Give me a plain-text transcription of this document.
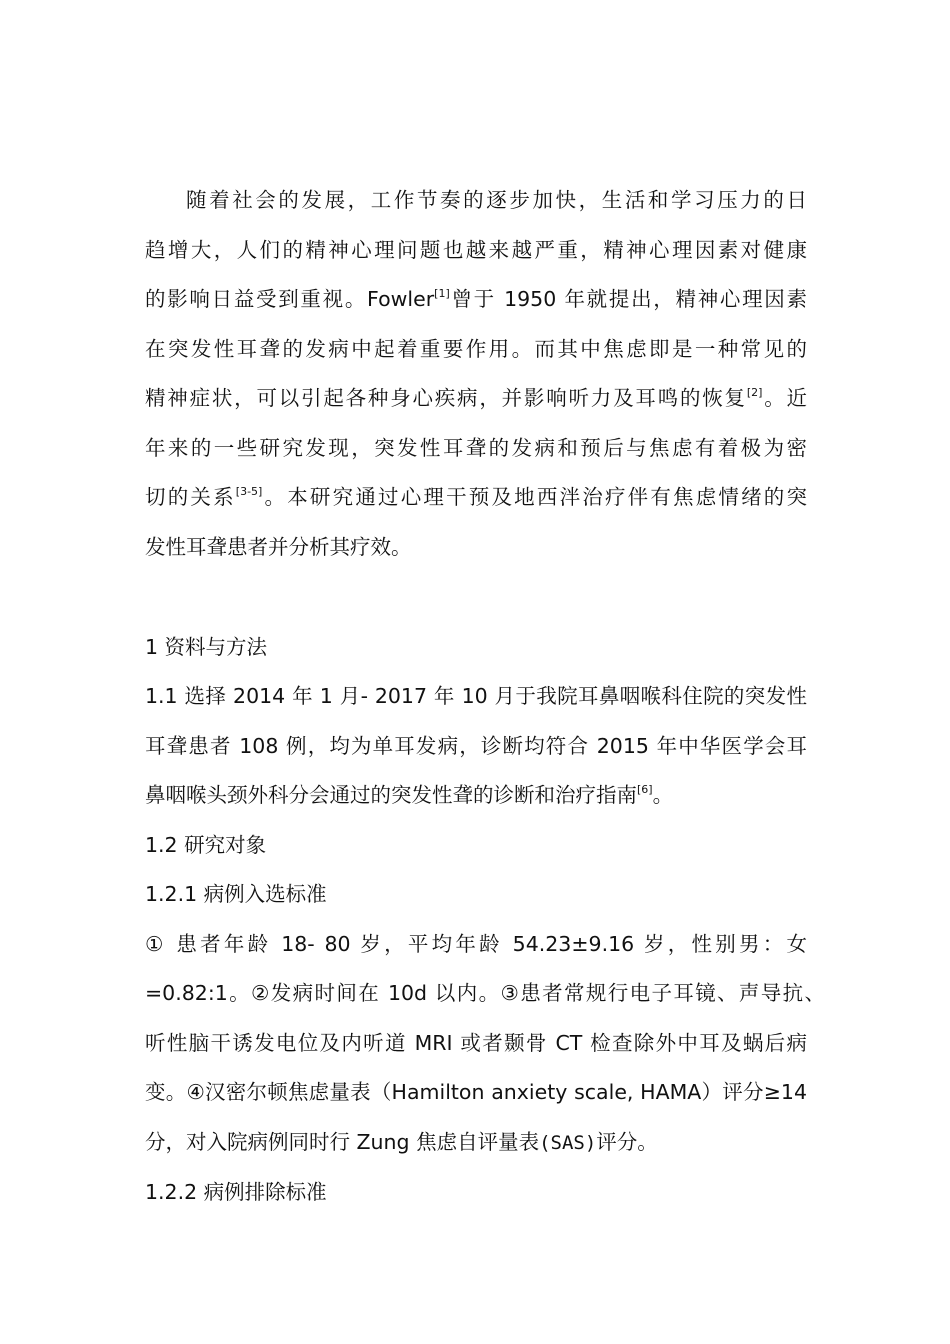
随着社会的发展，工作节奏的逐步加快，生活和学习压力的日
趋增大，人们的精神心理问题也越来越严重，精神心理因素对健康
的影响日益受到重视。Fowler[1]曾于 1950 年就提出，精神心理因素
在突发性耳聋的发病中起着重要作用。而其中焦虑即是一种常见的
精神症状，可以引起各种身心疾病，并影响听力及耳鸣的恢复[2]。近
年来的一些研究发现，突发性耳聋的发病和预后与焦虑有着极为密
切的关系[3-5]。本研究通过心理干预及地西泮治疗伴有焦虑情绪的突
发性耳聋患者并分析其疗效。
1 资料与方法
1.1 选择 2014 年 1 月- 2017 年 10 月于我院耳鼻咽喉科住院的突发性
耳聋患者 108 例，均为单耳发病，诊断均符合 2015 年中华医学会耳
鼻咽喉头颈外科分会通过的突发性聋的诊断和治疗指南[6]。
1.2 研究对象
1.2.1 病例入选标准
① 患者年龄 18- 80 岁，平均年龄 54.23±9.16 岁，性别男：女
=0.82:1。②发病时间在 10d 以内。③患者常规行电子耳镜、声导抗、
听性脑干诱发电位及内听道 MRI 或者颞骨 CT 检查除外中耳及蜗后病
变。④汉密尔顿焦虑量表（Hamilton anxiety scale, HAMA）评分≥14
分，对入院病例同时行 Zung 焦虑自评量表(SAS)评分。
1.2.2 病例排除标准
